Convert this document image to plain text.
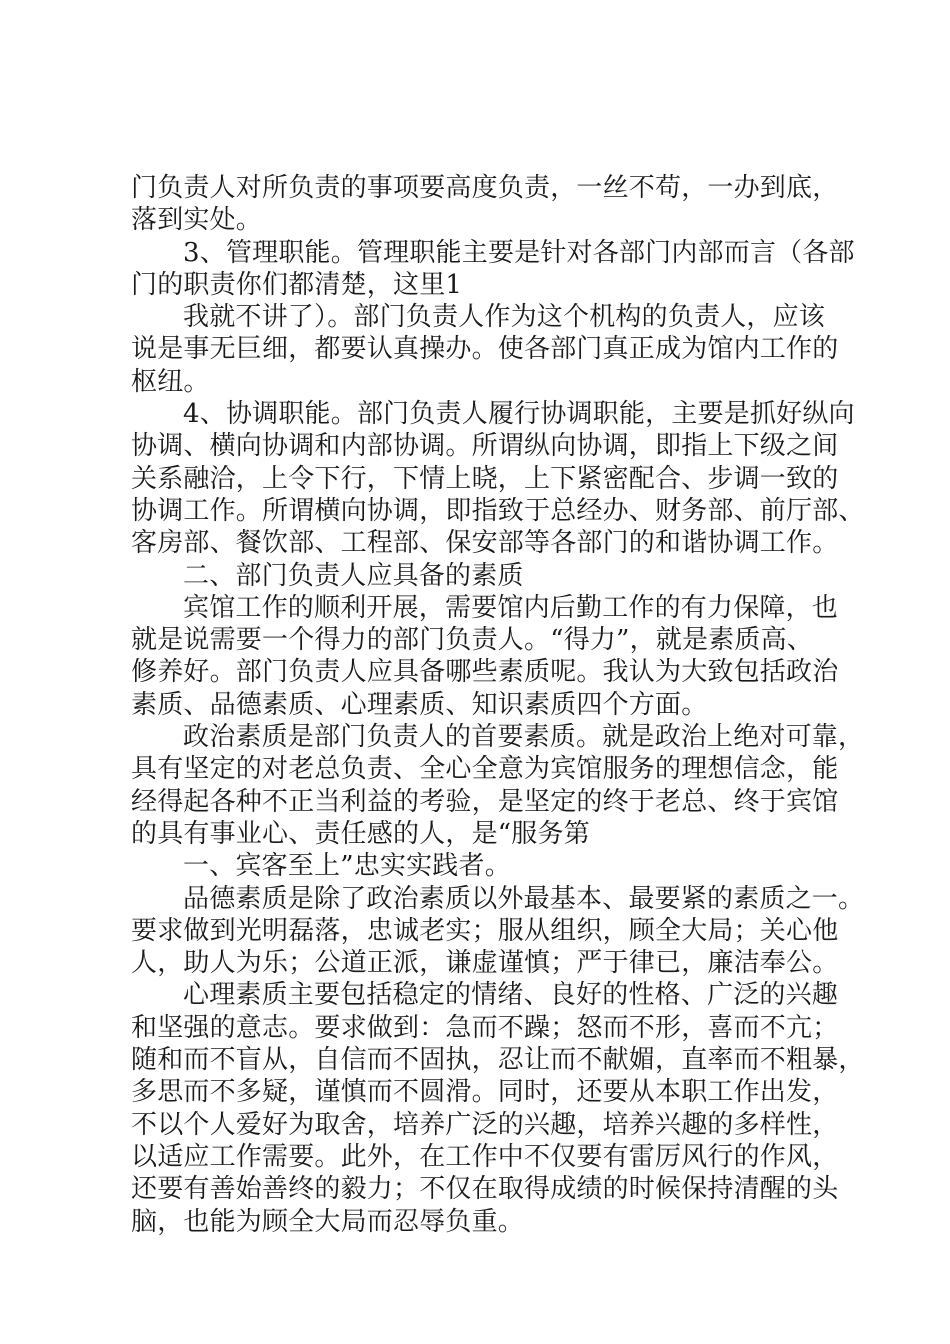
门负责人对所负责的事项要高度负责，一丝不苟，一办到底，
落到实处。
3、管理职能。管理职能主要是针对各部门内部而言（各部
门的职责你们都清楚，这里1
我就不讲了）。部门负责人作为这个机构的负责人，应该
说是事无巨细，都要认真操办。使各部门真正成为馆内工作的
枢纽。
4、协调职能。部门负责人履行协调职能，主要是抓好纵向
协调、横向协调和内部协调。所谓纵向协调，即指上下级之间
关系融洽，上令下行，下情上晓，上下紧密配合、步调一致的
协调工作。所谓横向协调，即指致于总经办、财务部、前厅部、
客房部、餐饮部、工程部、保安部等各部门的和谐协调工作。
二、部门负责人应具备的素质
宾馆工作的顺利开展，需要馆内后勤工作的有力保障，也
就是说需要一个得力的部门负责人。“得力”，就是素质高、
修养好。部门负责人应具备哪些素质呢。我认为大致包括政治
素质、品德素质、心理素质、知识素质四个方面。
政治素质是部门负责人的首要素质。就是政治上绝对可靠，
具有坚定的对老总负责、全心全意为宾馆服务的理想信念，能
经得起各种不正当利益的考验，是坚定的终于老总、终于宾馆
的具有事业心、责任感的人，是“服务第
一、宾客至上”忠实实践者。
品德素质是除了政治素质以外最基本、最要紧的素质之一。
要求做到光明磊落，忠诚老实；服从组织，顾全大局；关心他
人，助人为乐；公道正派，谦虚谨慎；严于律已，廉洁奉公。
心理素质主要包括稳定的情绪、良好的性格、广泛的兴趣
和坚强的意志。要求做到：急而不躁；怒而不形，喜而不亢；
随和而不盲从，自信而不固执，忍让而不献媚，直率而不粗暴，
多思而不多疑，谨慎而不圆滑。同时，还要从本职工作出发，
不以个人爱好为取舍，培养广泛的兴趣，培养兴趣的多样性，
以适应工作需要。此外，在工作中不仅要有雷厉风行的作风，
还要有善始善终的毅力；不仅在取得成绩的时候保持清醒的头
脑，也能为顾全大局而忍辱负重。
